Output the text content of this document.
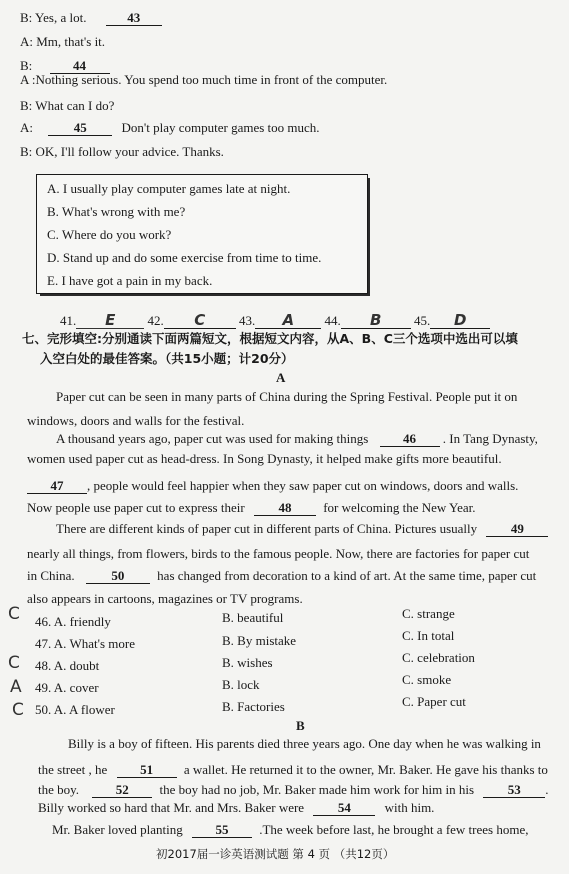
B: Yes, a lot.	43
A: Mm, that's it.
B:	44
A :Nothing serious. You spend too much time in front of the computer.
B: What can I do?
A:	45	Don't play computer games too much.
B: OK, I'll follow your advice. Thanks.
A. I usually play computer games late at night.
B. What's wrong with me?
C. Where do you work?
D. Stand up and do some exercise from time to time.
E. I have got a pain in my back.
41. E 42. C	43. A 44. B	45. D
七、完形填空:分别通读下面两篇短文，根据短文内容，从A、B、C三个选项中选出可以填
入空白处的最佳答案。（共15小题；计20分）
A
Paper cut can be seen in many parts of China during the Spring Festival. People put it on
windows, doors and walls for the festival.
A thousand years ago, paper cut was used for making things	46 . In Tang Dynasty,
women used paper cut as head-dress. In Song Dynasty, it helped make gifts more beautiful.
47 , people would feel happier when they saw paper cut on windows, doors and walls.
Now people use paper cut to express their	48 for welcoming the New Year.
There are different kinds of paper cut in different parts of China. Pictures usually	49
nearly all things, from flowers, birds to the famous people. Now, there are factories for paper cut
in China.	50	has changed from decoration to a kind of art. At the same time, paper cut
also appears in cartoons, magazines or TV programs.
C
C
A
C
46. A. friendly	B. beautiful	C. strange
47. A. What's more	B. By mistake	C. In total
48. A. doubt	B. wishes	C. celebration
49. A. cover	B. lock	C. smoke
50. A. A flower	B. Factories	C. Paper cut
B
Billy is a boy of fifteen. His parents died three years ago. One day when he was walking in
the street , he	51 a wallet. He returned it to the owner, Mr. Baker. He gave his thanks to
the boy.	52 the boy had no job, Mr. Baker made him work for him in his	53 .
Billy worked so hard that Mr. and Mrs. Baker were	54	with him.
Mr. Baker loved planting	55 .The week before last, he brought a few trees home,
初2017届一诊英语测试题 第 4 页 （共12页）
